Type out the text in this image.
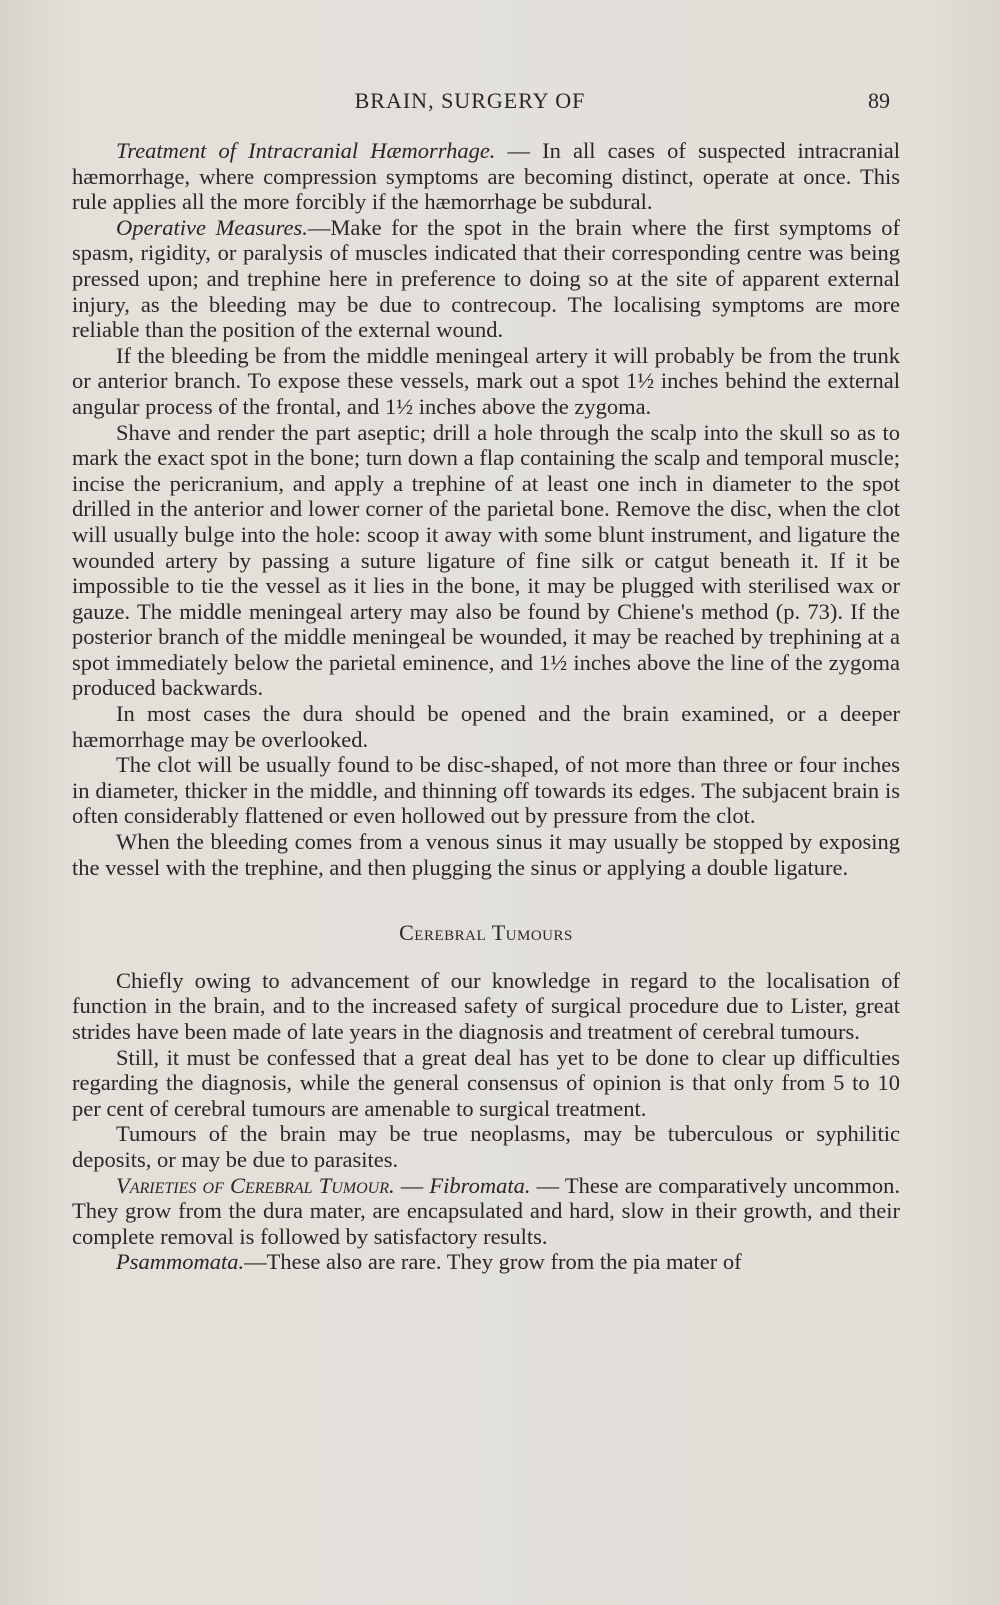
BRAIN, SURGERY OF	89

Treatment of Intracranial Hæmorrhage. — In all cases of suspected intracranial hæmorrhage, where compression symptoms are becoming distinct, operate at once. This rule applies all the more forcibly if the hæmorrhage be subdural.

Operative Measures.—Make for the spot in the brain where the first symptoms of spasm, rigidity, or paralysis of muscles indicated that their corresponding centre was being pressed upon; and trephine here in preference to doing so at the site of apparent external injury, as the bleeding may be due to contrecoup. The localising symptoms are more reliable than the position of the external wound.

If the bleeding be from the middle meningeal artery it will probably be from the trunk or anterior branch. To expose these vessels, mark out a spot 1½ inches behind the external angular process of the frontal, and 1½ inches above the zygoma.

Shave and render the part aseptic; drill a hole through the scalp into the skull so as to mark the exact spot in the bone; turn down a flap containing the scalp and temporal muscle; incise the pericranium, and apply a trephine of at least one inch in diameter to the spot drilled in the anterior and lower corner of the parietal bone. Remove the disc, when the clot will usually bulge into the hole: scoop it away with some blunt instrument, and ligature the wounded artery by passing a suture ligature of fine silk or catgut beneath it. If it be impossible to tie the vessel as it lies in the bone, it may be plugged with sterilised wax or gauze. The middle meningeal artery may also be found by Chiene's method (p. 73). If the posterior branch of the middle meningeal be wounded, it may be reached by trephining at a spot immediately below the parietal eminence, and 1½ inches above the line of the zygoma produced backwards.

In most cases the dura should be opened and the brain examined, or a deeper hæmorrhage may be overlooked.

The clot will be usually found to be disc-shaped, of not more than three or four inches in diameter, thicker in the middle, and thinning off towards its edges. The subjacent brain is often considerably flattened or even hollowed out by pressure from the clot.

When the bleeding comes from a venous sinus it may usually be stopped by exposing the vessel with the trephine, and then plugging the sinus or applying a double ligature.

Cerebral Tumours

Chiefly owing to advancement of our knowledge in regard to the localisation of function in the brain, and to the increased safety of surgical procedure due to Lister, great strides have been made of late years in the diagnosis and treatment of cerebral tumours.

Still, it must be confessed that a great deal has yet to be done to clear up difficulties regarding the diagnosis, while the general consensus of opinion is that only from 5 to 10 per cent of cerebral tumours are amenable to surgical treatment.

Tumours of the brain may be true neoplasms, may be tuberculous or syphilitic deposits, or may be due to parasites.

Varieties of Cerebral Tumour. — Fibromata. — These are comparatively uncommon. They grow from the dura mater, are encapsulated and hard, slow in their growth, and their complete removal is followed by satisfactory results.

Psammomata.—These also are rare. They grow from the pia mater of
